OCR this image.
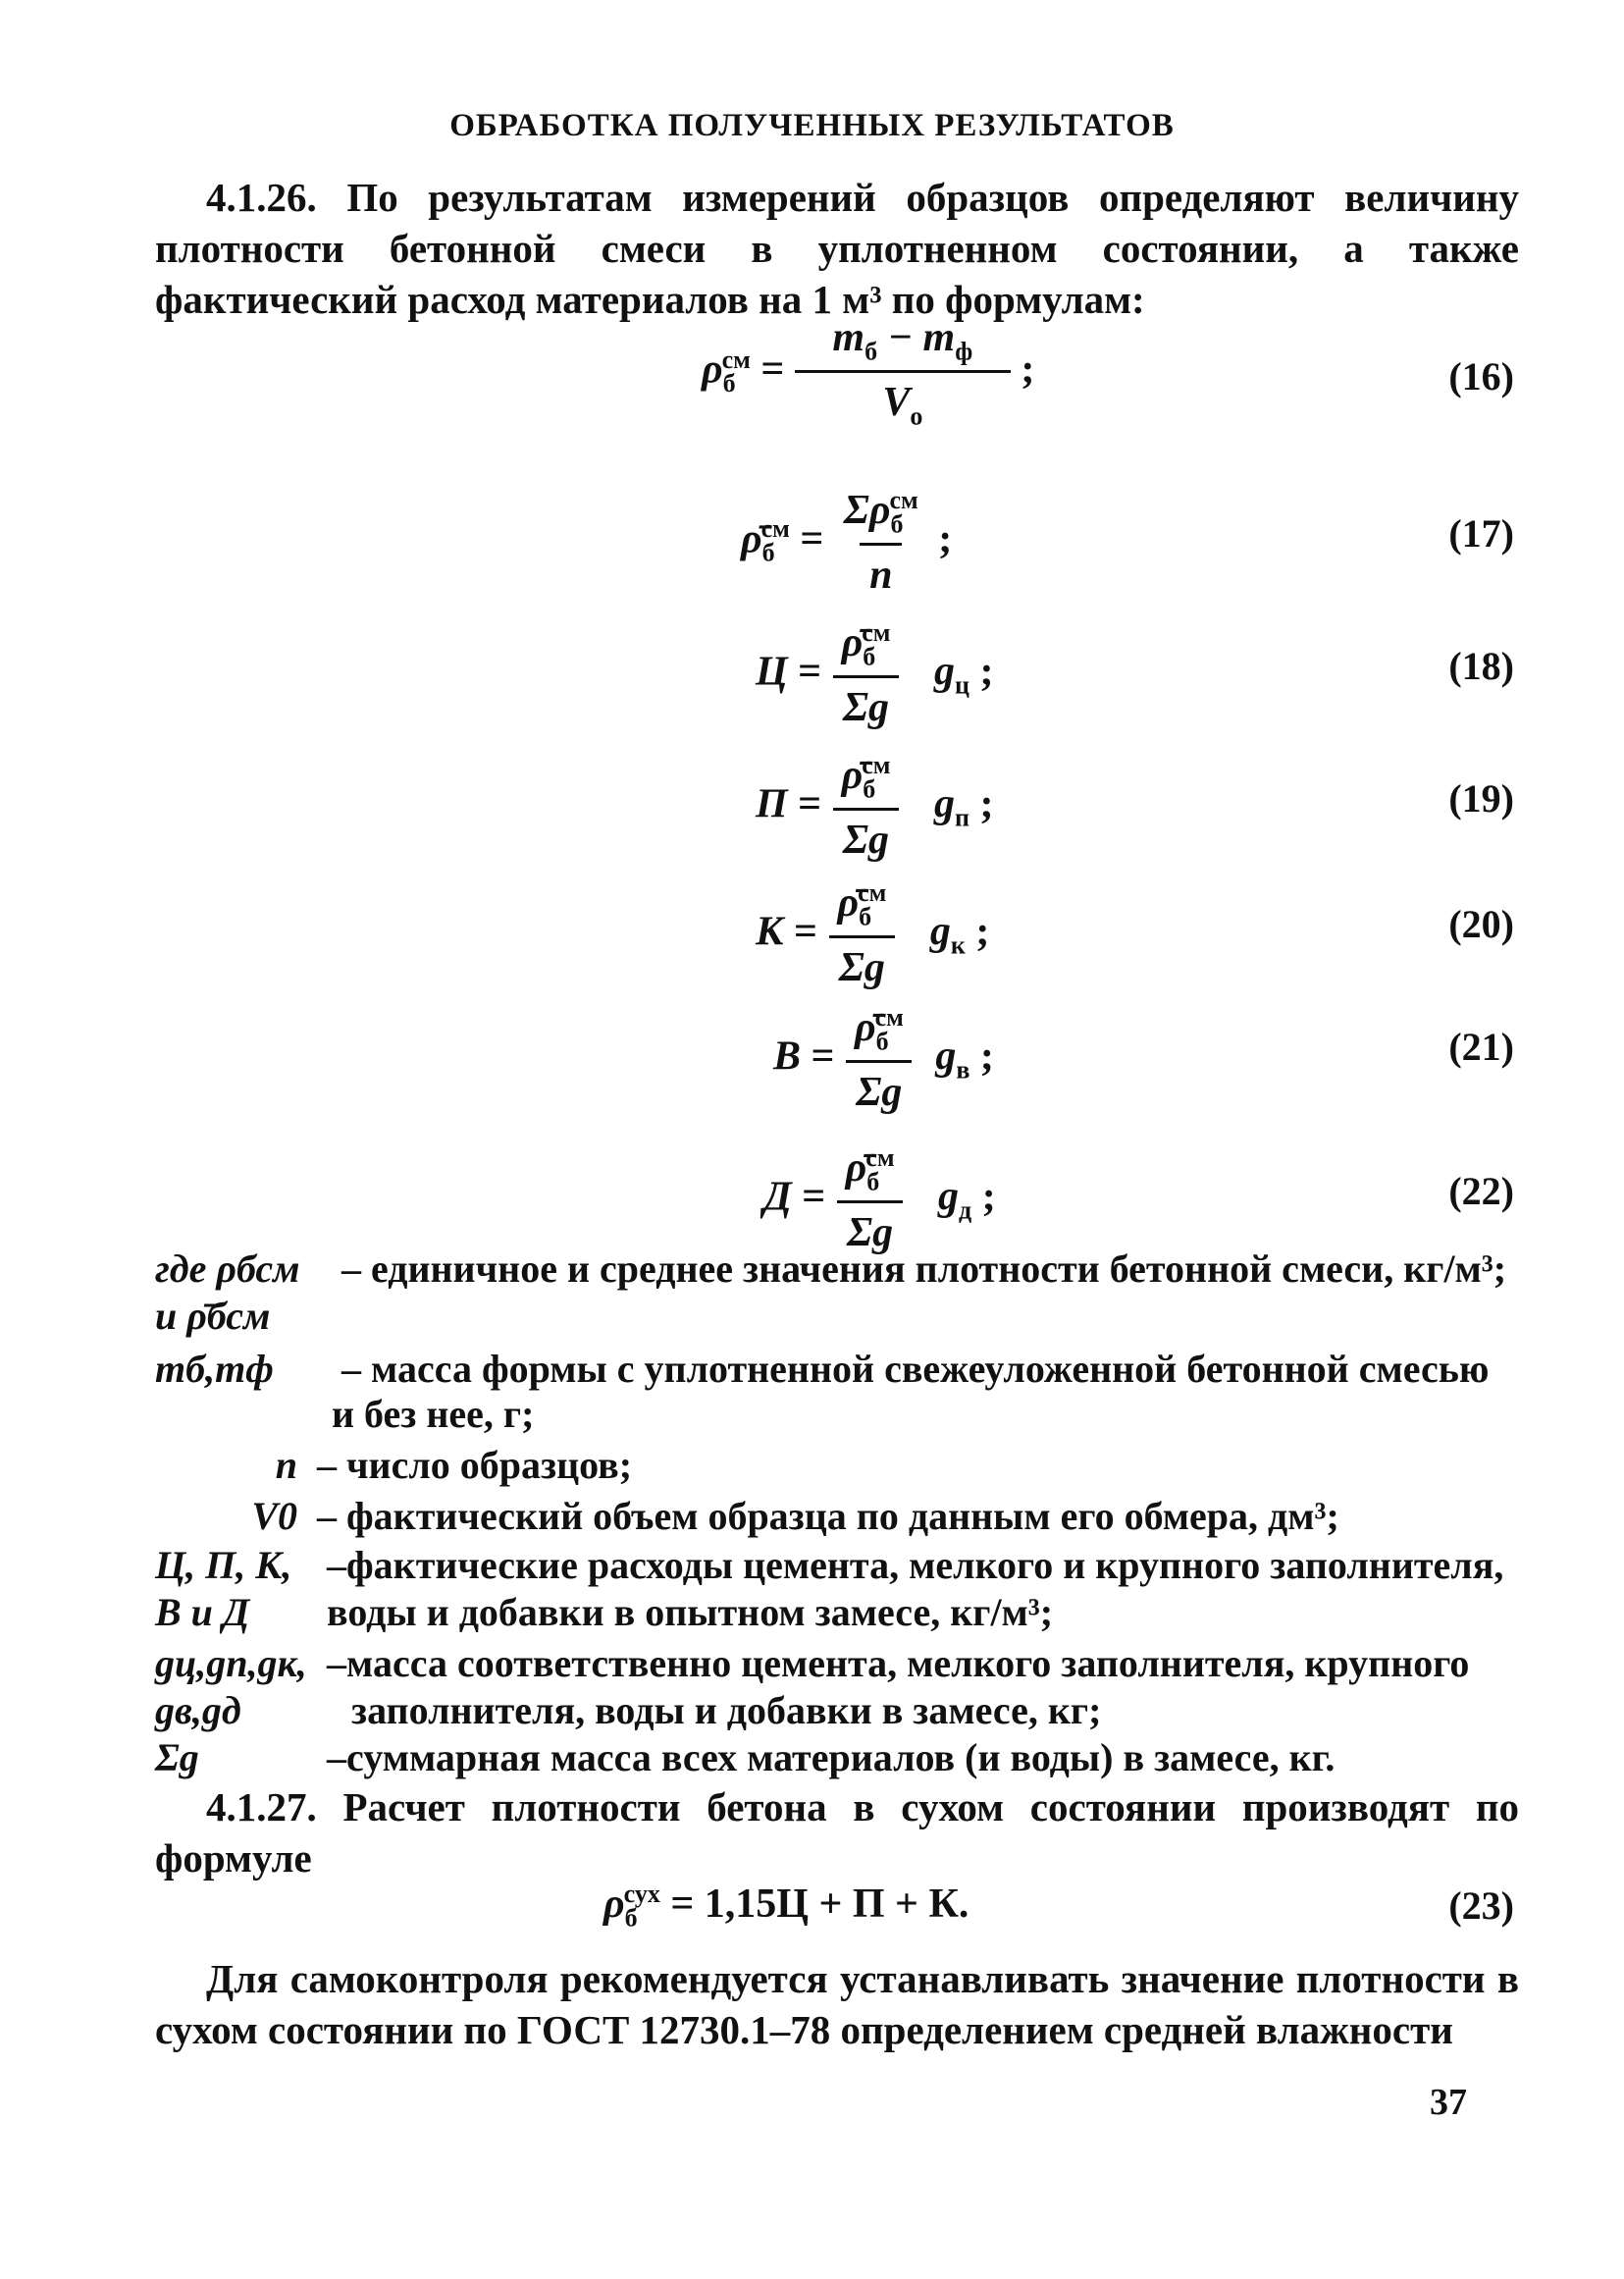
ОБРАБОТКА ПОЛУЧЕННЫХ РЕЗУЛЬТАТОВ
4.1.26. По результатам измерений образцов определяют величину плотности бетонной смеси в уплотненном состоянии, а также фактический расход материалов на 1 м³ по формулам:
$\rho_б^{см} = \frac{m_б - m_ф}{V_о}$ ;	(16)
$\rhō_б^{см} = \frac{\Sigma\rho_б^{см}}{n}$ ;	(17)
$Ц = \frac{\rhō_б^{см}}{\Sigma g} g_ц$ ;	(18)
$П = \frac{\rhō_б^{см}}{\Sigma g} g_п$ ;	(19)
$К = \frac{\rhō_б^{см}}{\Sigma g} g_к$ ;	(20)
$В = \frac{\rhō_б^{см}}{\Sigma g} g_в$ ;	(21)
$Д = \frac{\rhō_б^{см}}{\Sigma g} g_д$ ;	(22)
где ρбсм – единичное и среднее значения плотности бетонной смеси, кг/м³;
и ρ̄бсм
mб,mф – масса формы с уплотненной свежеуложенной бетонной смесью
и без нее, г;
n – число образцов;
V0 – фактический объем образца по данным его обмера, дм³;
Ц, П, К, –фактические расходы цемента, мелкого и крупного заполнителя,
В и Д воды и добавки в опытном замесе, кг/м³;
gц,gп,gк, –масса соответственно цемента, мелкого заполнителя, крупного
gв,gд	заполнителя, воды и добавки в замесе, кг;
Σg	–суммарная масса всех материалов (и воды) в замесе, кг.
4.1.27. Расчет плотности бетона в сухом состоянии производят по формуле
$\rho_б^{сух} = 1,15Ц + П + К$.	(23)
Для самоконтроля рекомендуется устанавливать значение плотности в сухом состоянии по ГОСТ 12730.1–78 определением средней влажности
37
